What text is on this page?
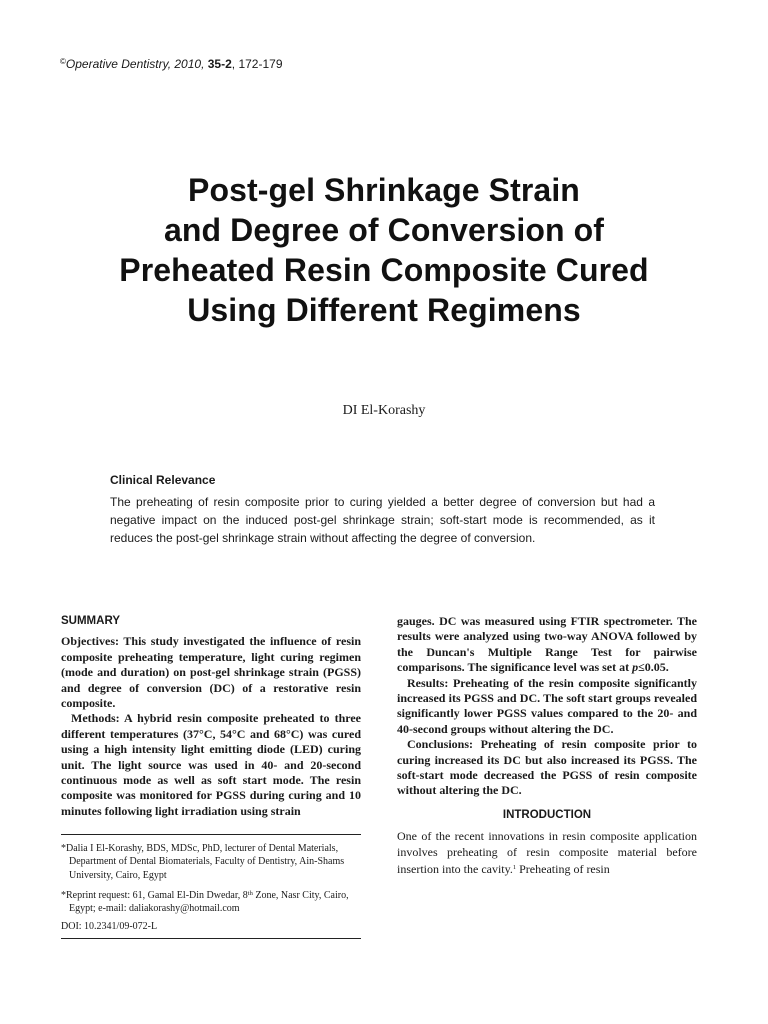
©Operative Dentistry, 2010, 35-2, 172-179
Post-gel Shrinkage Strain
and Degree of Conversion of
Preheated Resin Composite Cured
Using Different Regimens
DI El-Korashy
Clinical Relevance

The preheating of resin composite prior to curing yielded a better degree of conversion but had a negative impact on the induced post-gel shrinkage strain; soft-start mode is recommended, as it reduces the post-gel shrinkage strain without affecting the degree of conversion.

SUMMARY

Objectives: This study investigated the influence of resin composite preheating temperature, light curing regimen (mode and duration) on post-gel shrinkage strain (PGSS) and degree of conversion (DC) of a restorative resin composite.

Methods: A hybrid resin composite preheated to three different temperatures (37°C, 54°C and 68°C) was cured using a high intensity light emitting diode (LED) curing unit. The light source was used in 40- and 20-second continuous mode as well as soft start mode. The resin composite was monitored for PGSS during curing and 10 minutes following light irradiation using strain

*Dalia I El-Korashy, BDS, MDSc, PhD, lecturer of Dental Materials, Department of Dental Biomaterials, Faculty of Dentistry, Ain-Shams University, Cairo, Egypt

*Reprint request: 61, Gamal El-Din Dwedar, 8th Zone, Nasr City, Cairo, Egypt; e-mail: daliakorashy@hotmail.com

DOI: 10.2341/09-072-L

gauges. DC was measured using FTIR spectrometer. The results were analyzed using two-way ANOVA followed by the Duncan's Multiple Range Test for pairwise comparisons. The significance level was set at p≤0.05.

Results: Preheating of the resin composite significantly increased its PGSS and DC. The soft start groups revealed significantly lower PGSS values compared to the 20- and 40-second groups without altering the DC.

Conclusions: Preheating of resin composite prior to curing increased its DC but also increased its PGSS. The soft-start mode decreased the PGSS of resin composite without altering the DC.

INTRODUCTION

One of the recent innovations in resin composite application involves preheating of resin composite material before insertion into the cavity.$^1$ Preheating of resin
